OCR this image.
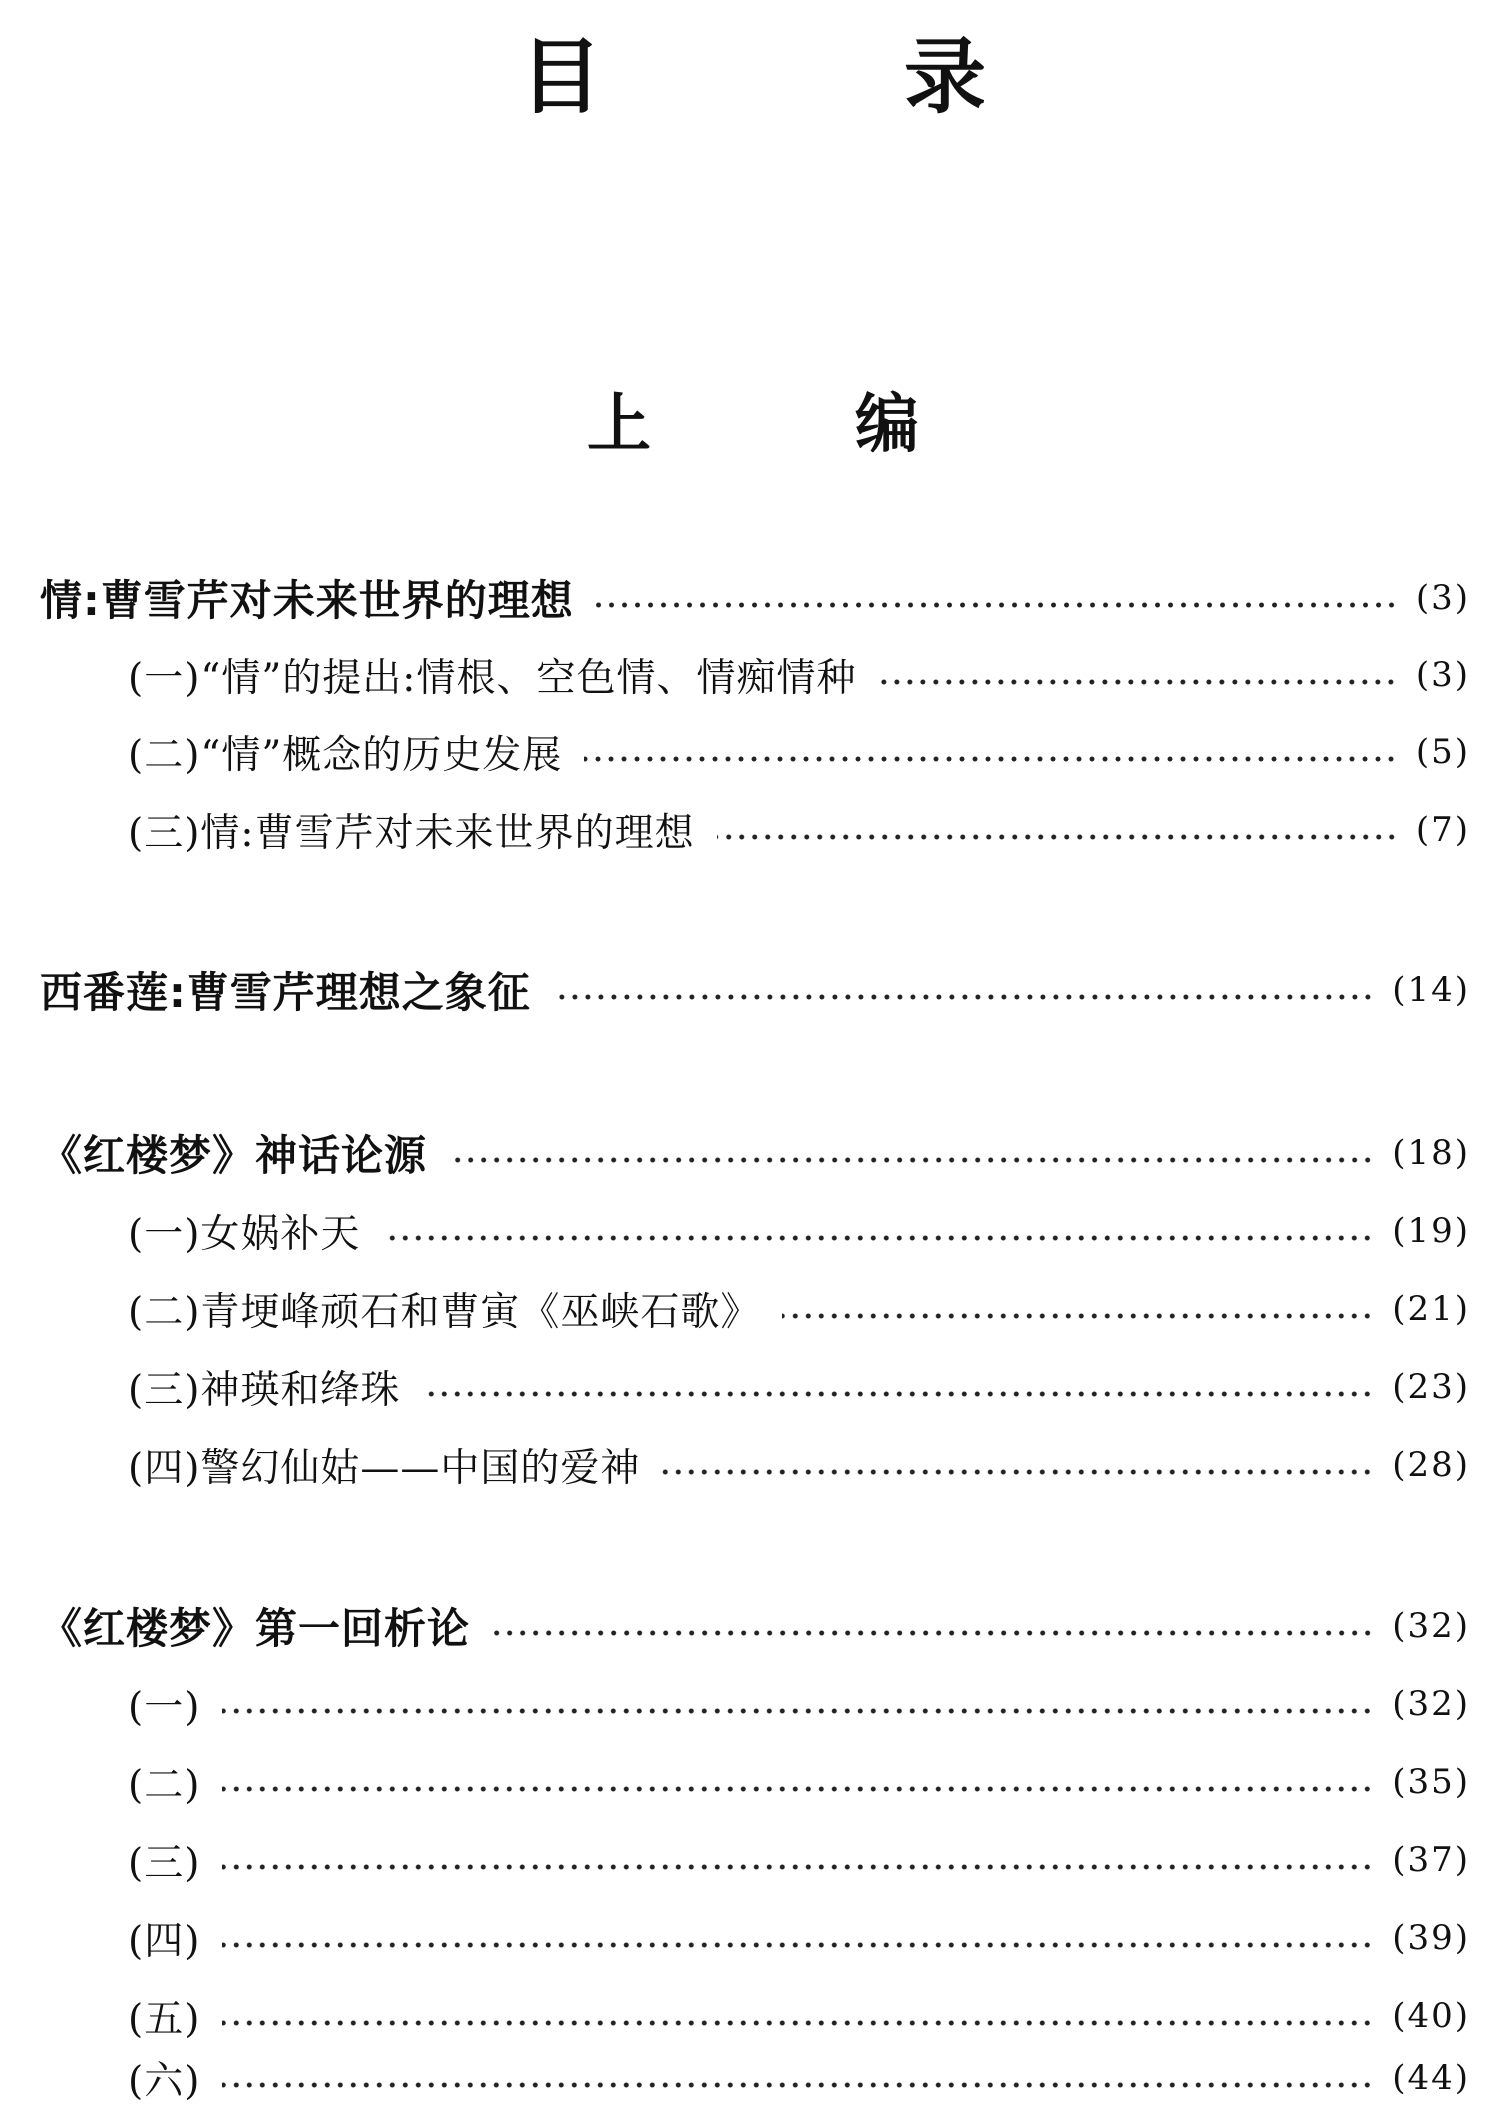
目　录
上　编
情:曹雪芹对未来世界的理想	(3)
(一)“情”的提出:情根、空色情、情痴情种	(3)
(二)“情”概念的历史发展	(5)
(三)情:曹雪芹对未来世界的理想	(7)
西番莲:曹雪芹理想之象征	(14)
《红楼梦》神话论源	(18)
(一)女娲补天	(19)
(二)青埂峰顽石和曹寅《巫峡石歌》	(21)
(三)神瑛和绛珠	(23)
(四)警幻仙姑——中国的爱神	(28)
《红楼梦》第一回析论	(32)
(一)	(32)
(二)	(35)
(三)	(37)
(四)	(39)
(五)	(40)
(六)	(44)
